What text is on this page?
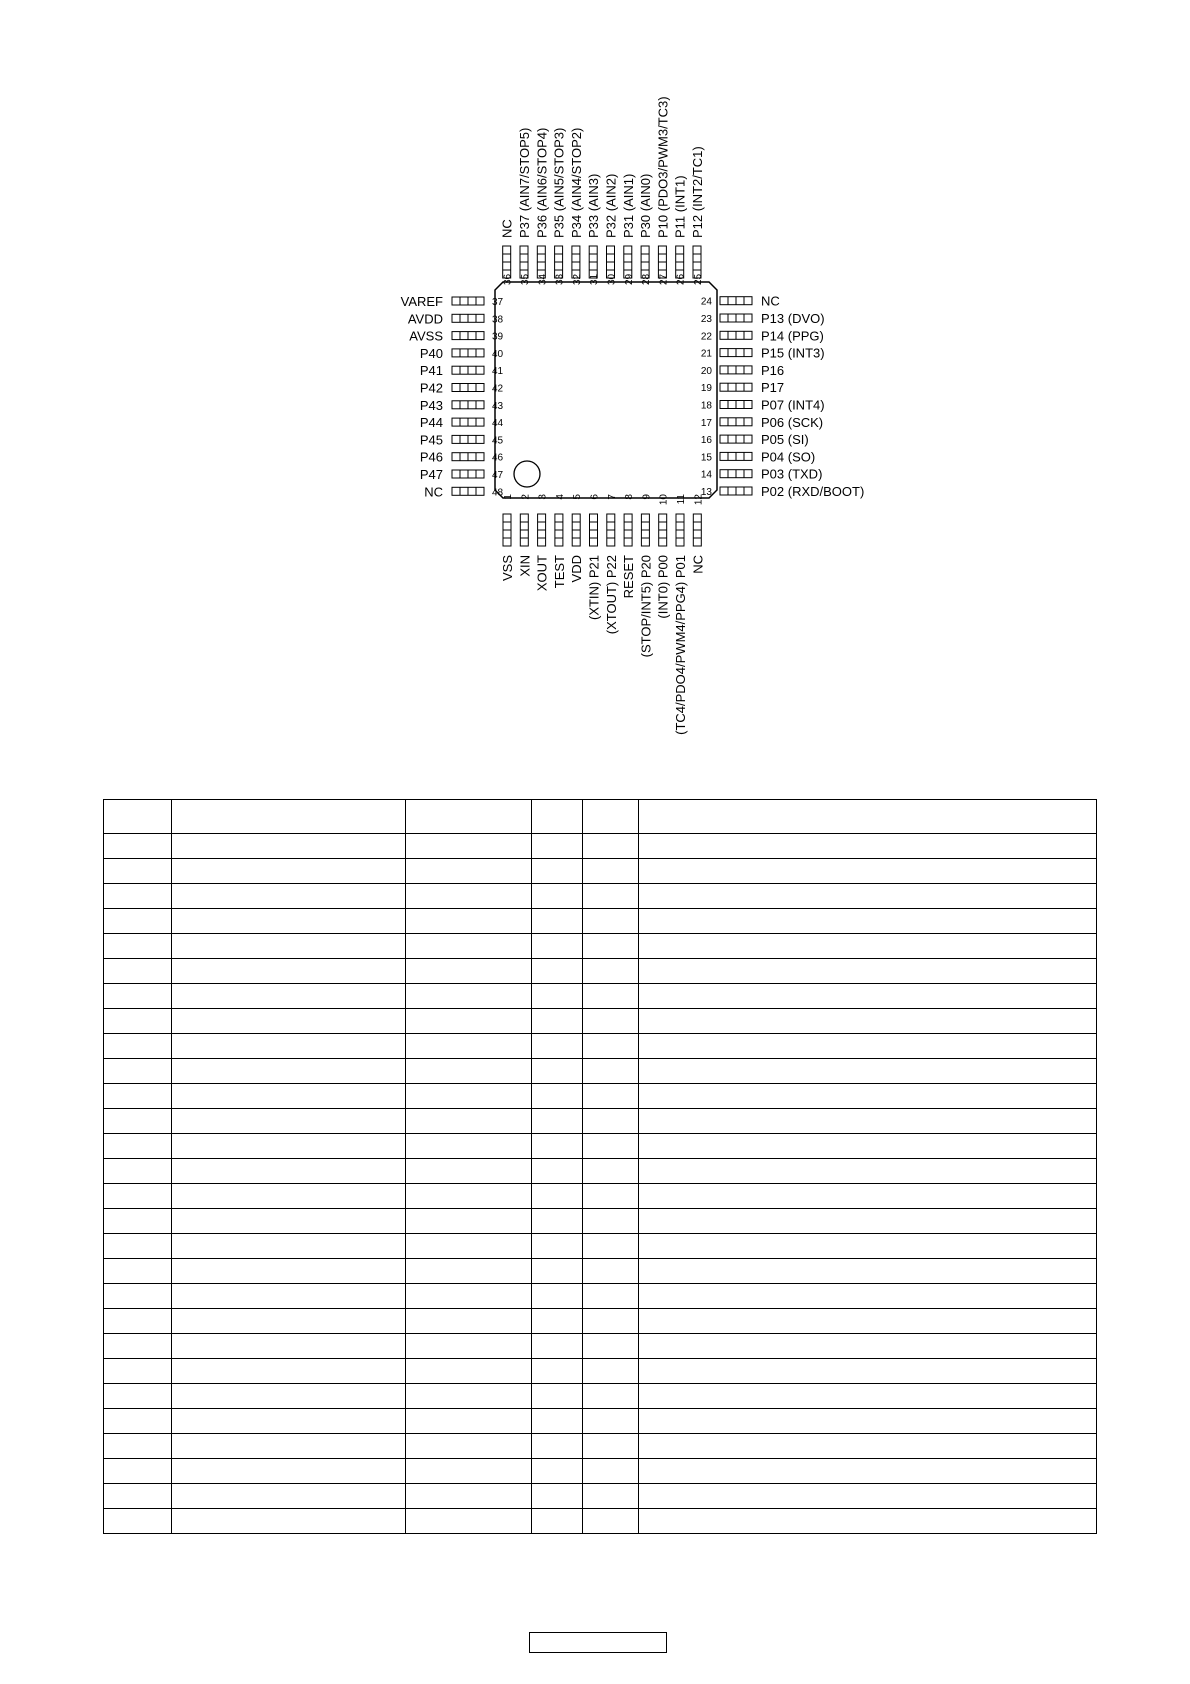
1
VSS
2
XIN
3
XOUT
4
TEST
5
VDD
6
(XTIN) P21
7
(XTOUT) P22
8
RESET
9
(STOP/INT5) P20
10
(INT0) P00
11
(TC4/PDO4/PWM4/PPG4) P01
12
NC
13	P02 (RXD/BOOT)
14	P03 (TXD)
15	P04 (SO)
16	P05 (SI)
17	P06 (SCK)
18	P07 (INT4)
19	P17
20	P16
21	P15 (INT3)
22	P14 (PPG)
23	P13 (DVO)
24	NC
25
P12 (INT2/TC1)
26
P11 (INT1)
27
P10 (PDO3/PWM3/TC3)
28
P30 (AIN0)
29
P31 (AIN1)
30
P32 (AIN2)
31
P33 (AIN3)
32
P34 (AIN4/STOP2)
33
P35 (AIN5/STOP3)
34
P36 (AIN6/STOP4)
35
P37 (AIN7/STOP5)
36
NC
37
VAREF
38
AVDD
39
AVSS
40
P40
41
P41
42
P42
43
P43
44
P44
45
P45
46
P46
47
P47
48
NC
